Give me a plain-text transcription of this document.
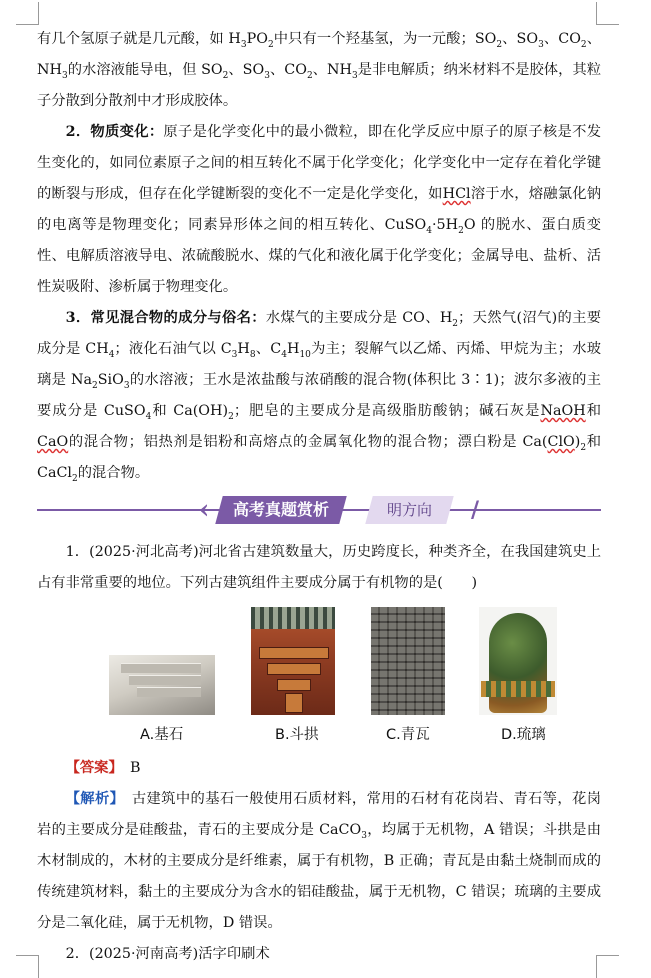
有几个氢原子就是几元酸，如 $H_3PO_2$中只有一个羟基氢，为一元酸；$SO_2$、$SO_3$、$CO_2$、$NH_3$的水溶液能导电，但 $SO_2$、$SO_3$、$CO_2$、$NH_3$是非电解质；纳米材料不是胶体，其粒子分散到分散剂中才形成胶体。

2．物质变化：原子是化学变化中的最小微粒，即在化学反应中原子的原子核是不发生变化的，如同位素原子之间的相互转化不属于化学变化；化学变化中一定存在着化学键的断裂与形成，但存在化学键断裂的变化不一定是化学变化，如HCl溶于水，熔融氯化钠的电离等是物理变化；同素异形体之间的相互转化、$CuSO_4\cdot 5H_2O$ 的脱水、蛋白质变性、电解质溶液导电、浓硫酸脱水、煤的气化和液化属于化学变化；金属导电、盐析、活性炭吸附、渗析属于物理变化。

3．常见混合物的成分与俗名：水煤气的主要成分是 CO、$H_2$；天然气(沼气)的主要成分是 $CH_4$；液化石油气以 $C_3H_8$、$C_4H_{10}$为主；裂解气以乙烯、丙烯、甲烷为主；水玻璃是 $Na_2SiO_3$的水溶液；王水是浓盐酸与浓硝酸的混合物(体积比 3∶1)；波尔多液的主要成分是 CuSO$_4$和 $Ca(OH)_2$；肥皂的主要成分是高级脂肪酸钠；碱石灰是NaOH和CaO的混合物；铝热剂是铝粉和高熔点的金属氧化物的混合物；漂白粉是 $Ca(ClO)_2$和 CaCl$_2$的混合物。

‹	高考真题赏析	明方向	/

1．(2025·河北高考)河北省古建筑数量大，历史跨度长，种类齐全，在我国建筑史上占有非常重要的地位。下列古建筑组件主要成分属于有机物的是(　　)

A.基石	B.斗拱	C.青瓦	D.琉璃

【答案】　 B

【解析】　 古建筑中的基石一般使用石质材料，常用的石材有花岗岩、青石等，花岗岩的主要成分是硅酸盐，青石的主要成分是 CaCO$_3$，均属于无机物，A 错误；斗拱是由木材制成的，木材的主要成分是纤维素，属于有机物，B 正确；青瓦是由黏土烧制而成的传统建筑材料，黏土的主要成分为含水的铝硅酸盐，属于无机物，C 错误；琉璃的主要成分是二氧化硅，属于无机物，D 错误。

2．(2025·河南高考)活字印刷术
